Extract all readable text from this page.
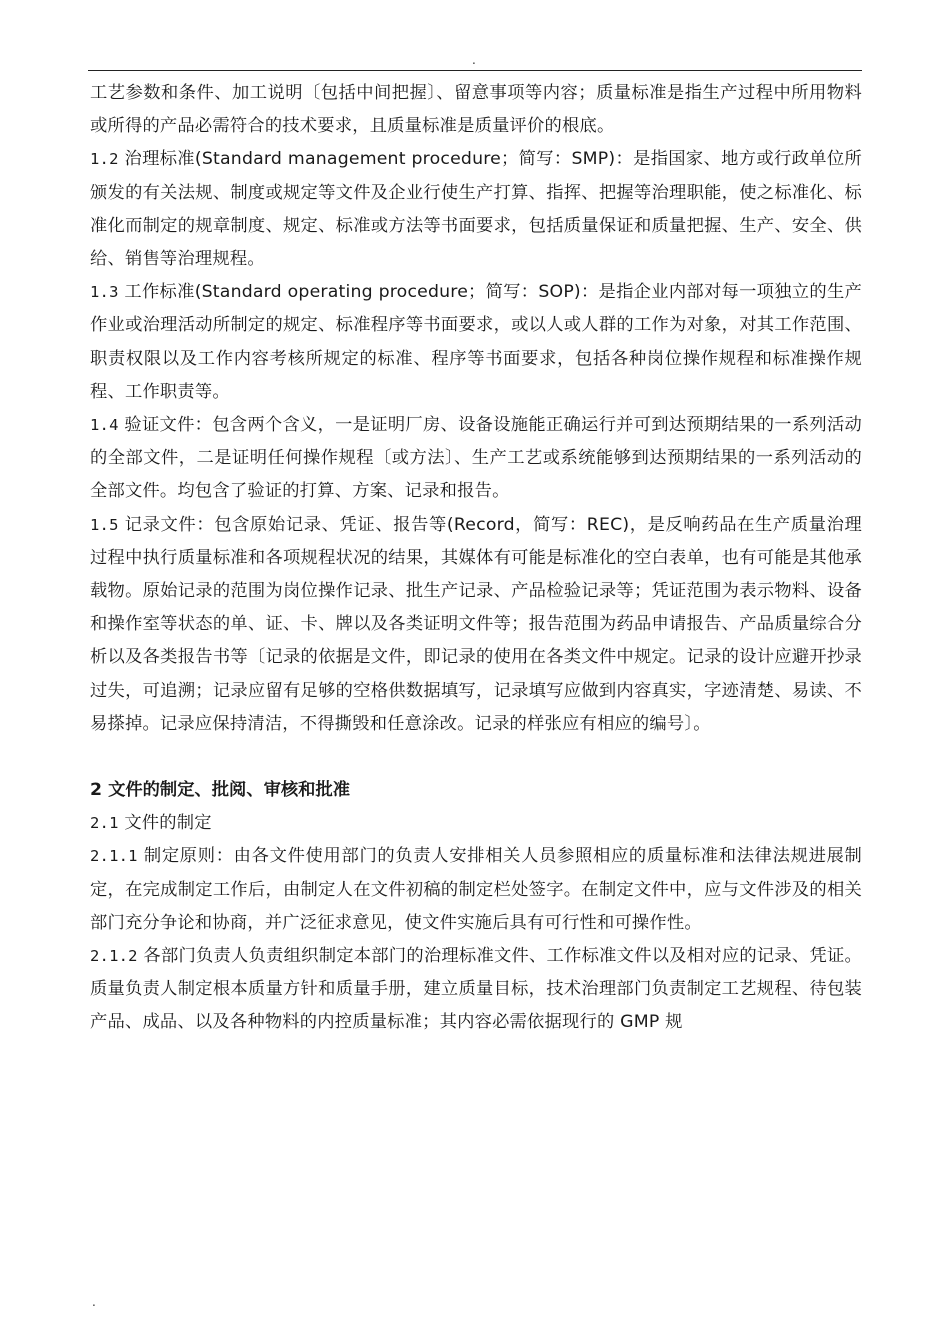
.

工艺参数和条件、加工说明〔包括中间把握〕、留意事项等内容；质量标准是指生产过程中所用物料或所得的产品必需符合的技术要求，且质量标准是质量评价的根底。

1.2 治理标准(Standard management procedure；简写：SMP)：是指国家、地方或行政单位所颁发的有关法规、制度或规定等文件及企业行使生产打算、指挥、把握等治理职能，使之标准化、标准化而制定的规章制度、规定、标准或方法等书面要求，包括质量保证和质量把握、生产、安全、供给、销售等治理规程。

1.3 工作标准(Standard operating procedure；简写：SOP)：是指企业内部对每一项独立的生产作业或治理活动所制定的规定、标准程序等书面要求，或以人或人群的工作为对象，对其工作范围、职责权限以及工作内容考核所规定的标准、程序等书面要求，包括各种岗位操作规程和标准操作规程、工作职责等。

1.4 验证文件：包含两个含义，一是证明厂房、设备设施能正确运行并可到达预期结果的一系列活动的全部文件，二是证明任何操作规程〔或方法〕、生产工艺或系统能够到达预期结果的一系列活动的全部文件。均包含了验证的打算、方案、记录和报告。

1.5 记录文件：包含原始记录、凭证、报告等(Record，简写：REC)，是反响药品在生产质量治理过程中执行质量标准和各项规程状况的结果，其媒体有可能是标准化的空白表单，也有可能是其他承载物。原始记录的范围为岗位操作记录、批生产记录、产品检验记录等；凭证范围为表示物料、设备和操作室等状态的单、证、卡、牌以及各类证明文件等；报告范围为药品申请报告、产品质量综合分析以及各类报告书等〔记录的依据是文件，即记录的使用在各类文件中规定。记录的设计应避开抄录过失，可追溯；记录应留有足够的空格供数据填写，记录填写应做到内容真实，字迹清楚、易读、不易搽掉。记录应保持清洁，不得撕毁和任意涂改。记录的样张应有相应的编号〕。

2 文件的制定、批阅、审核和批准

2.1 文件的制定

2.1.1 制定原则：由各文件使用部门的负责人安排相关人员参照相应的质量标准和法律法规进展制定，在完成制定工作后，由制定人在文件初稿的制定栏处签字。在制定文件中，应与文件涉及的相关部门充分争论和协商，并广泛征求意见，使文件实施后具有可行性和可操作性。

2.1.2 各部门负责人负责组织制定本部门的治理标准文件、工作标准文件以及相对应的记录、凭证。质量负责人制定根本质量方针和质量手册，建立质量目标，技术治理部门负责制定工艺规程、待包装产品、成品、以及各种物料的内控质量标准；其内容必需依据现行的 GMP 规

.
